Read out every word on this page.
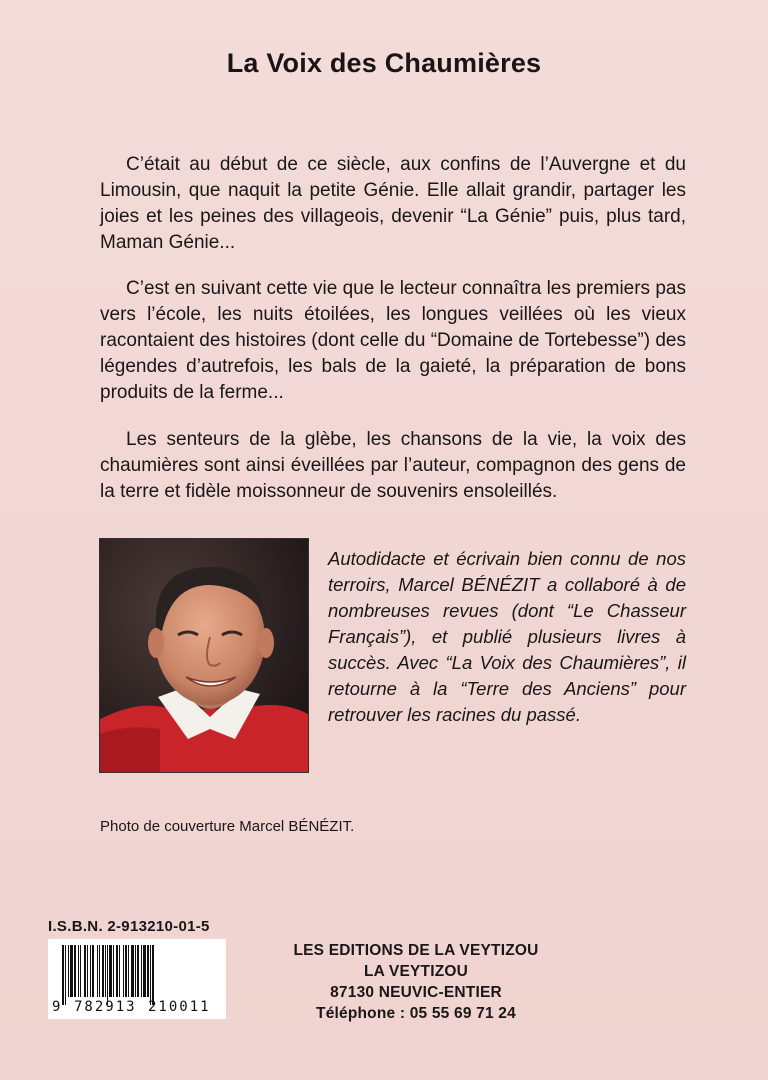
La Voix des Chaumières

C’était au début de ce siècle, aux confins de l’Auvergne et du Limousin, que naquit la petite Génie. Elle allait grandir, partager les joies et les peines des villageois, devenir “La Génie” puis, plus tard, Maman Génie...

C’est en suivant cette vie que le lecteur connaîtra les premiers pas vers l’école, les nuits étoilées, les longues veillées où les vieux racontaient des histoires (dont celle du “Domaine de Tortebesse”) des légendes d’autrefois, les bals de la gaieté, la préparation de bons produits de la ferme...

Les senteurs de la glèbe, les chansons de la vie, la voix des chaumières sont ainsi éveillées par l’auteur, compagnon des gens de la terre et fidèle moissonneur de souvenirs ensoleillés.

Autodidacte et écrivain bien connu de nos terroirs, Marcel BÉNÉZIT a collaboré à de nombreuses revues (dont “Le Chasseur Français”), et publié plusieurs livres à succès. Avec “La Voix des Chaumières”, il retourne à la “Terre des Anciens” pour retrouver les racines du passé.

Photo de couverture Marcel BÉNÉZIT.
I.S.B.N. 2-913210-01-5
9 782913 210011
LES EDITIONS DE LA VEYTIZOU
LA VEYTIZOU
87130 NEUVIC-ENTIER
Téléphone : 05 55 69 71 24
